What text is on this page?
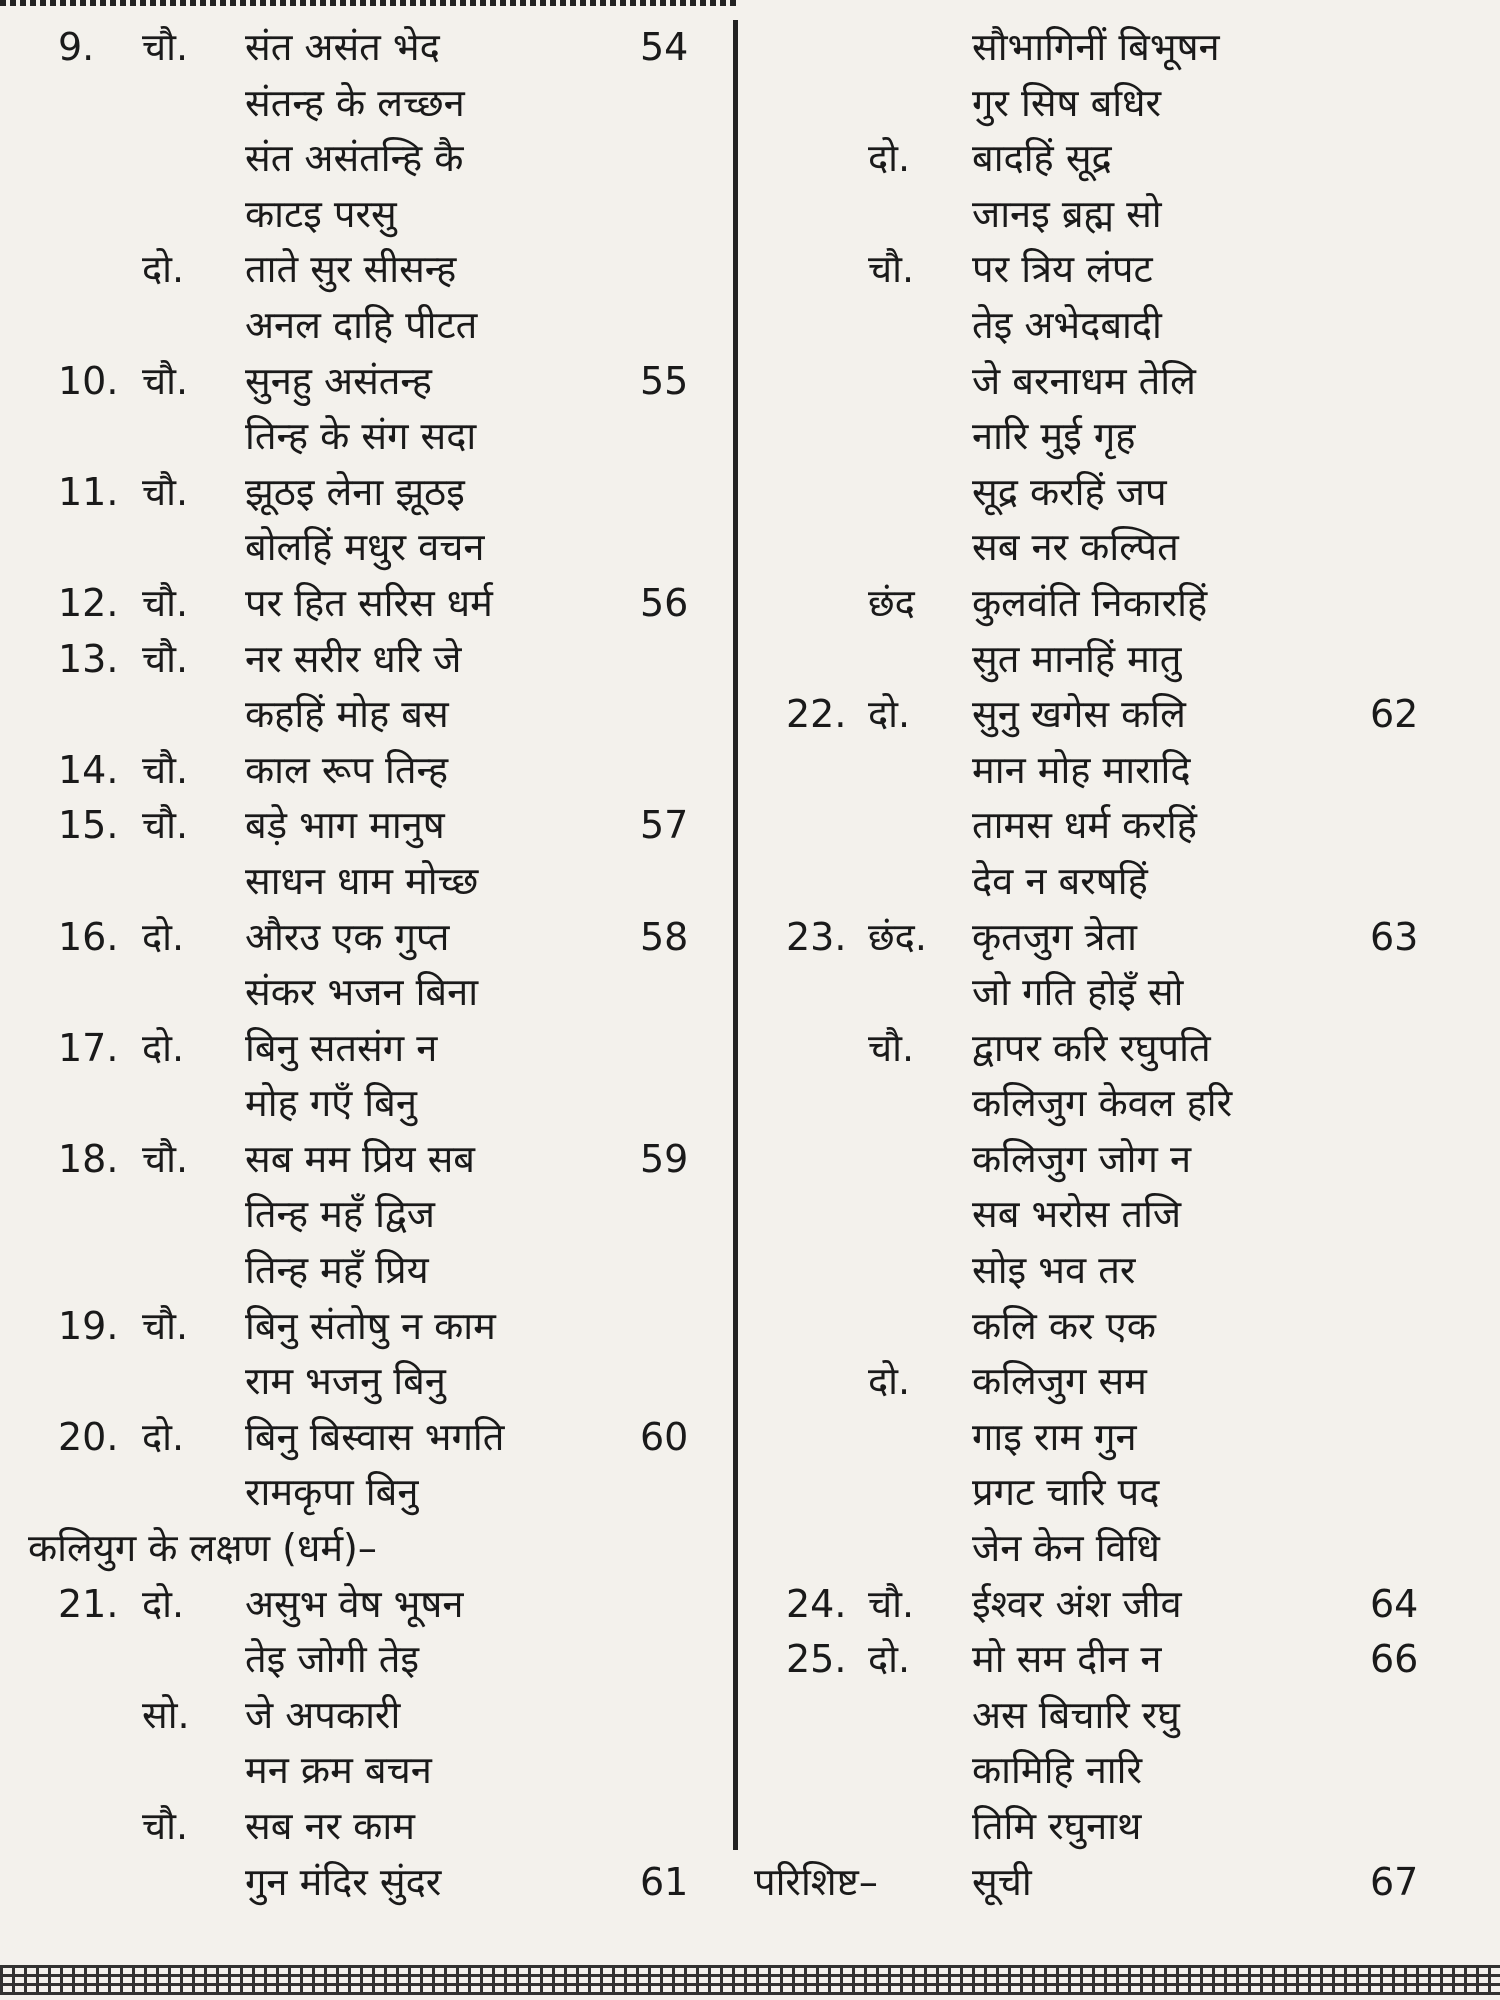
9. चौ. संत असंत भेद	54
संतन्ह के लच्छन
संत असंतन्हि कै
काटइ परसु
दो. ताते सुर सीसन्ह
अनल दाहि पीटत
10. चौ. सुनहु असंतन्ह	55
तिन्ह के संग सदा
11. चौ. झूठइ लेना झूठइ
बोलहिं मधुर वचन
12. चौ. पर हित सरिस धर्म	56
13. चौ. नर सरीर धरि जे
कहहिं मोह बस
14. चौ. काल रूप तिन्ह
15. चौ. बड़े भाग मानुष	57
साधन धाम मोच्छ
16. दो. औरउ एक गुप्त	58
संकर भजन बिना
17. दो. बिनु सतसंग न
मोह गएँ बिनु
18. चौ. सब मम प्रिय सब	59
तिन्ह महँ द्विज
तिन्ह महँ प्रिय
19. चौ. बिनु संतोषु न काम
राम भजनु बिनु
20. दो. बिनु बिस्वास भगति	60
रामकृपा बिनु
कलियुग के लक्षण (धर्म)–
21. दो. असुभ वेष भूषन
तेइ जोगी तेइ
सो. जे अपकारी
मन क्रम बचन
चौ. सब नर काम
गुन मंदिर सुंदर	61
सौभागिनीं बिभूषन
गुर सिष बधिर
दो. बादहिं सूद्र
जानइ ब्रह्म सो
चौ. पर त्रिय लंपट
तेइ अभेदबादी
जे बरनाधम तेलि
नारि मुई गृह
सूद्र करहिं जप
सब नर कल्पित
छंद कुलवंति निकारहिं
सुत मानहिं मातु
22. दो. सुनु खगेस कलि	62
मान मोह मारादि
तामस धर्म करहिं
देव न बरषहिं
23. छंद. कृतजुग त्रेता	63
जो गति होइँ सो
चौ. द्वापर करि रघुपति
कलिजुग केवल हरि
कलिजुग जोग न
सब भरोस तजि
सोइ भव तर
कलि कर एक
दो. कलिजुग सम
गाइ राम गुन
प्रगट चारि पद
जेन केन विधि
24. चौ. ईश्वर अंश जीव	64
25. दो. मो सम दीन न	66
अस बिचारि रघु
कामिहि नारि
तिमि रघुनाथ
परिशिष्ट– सूची	67
